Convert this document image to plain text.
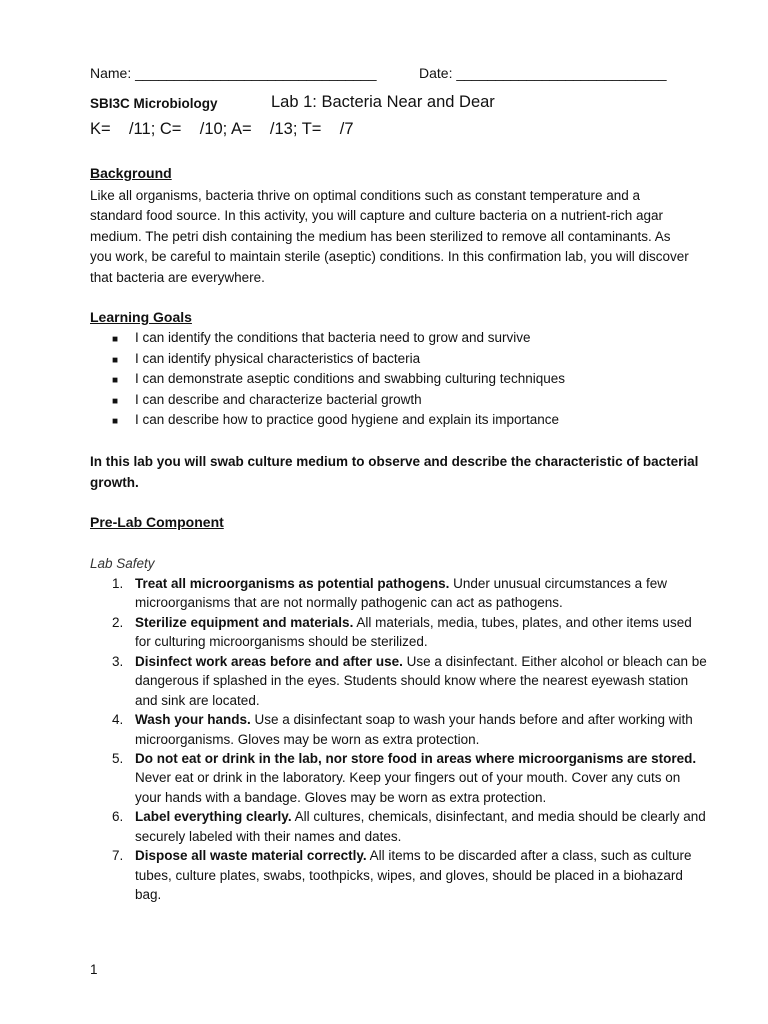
Name: _______________________________	Date: ___________________________
SBI3C Microbiology	Lab 1: Bacteria Near and Dear
K=    /11; C=    /10; A=    /13; T=    /7
Background

Like all organisms, bacteria thrive on optimal conditions such as constant temperature and a standard food source. In this activity, you will capture and culture bacteria on a nutrient-rich agar medium. The petri dish containing the medium has been sterilized to remove all contaminants. As you work, be careful to maintain sterile (aseptic) conditions. In this confirmation lab, you will discover that bacteria are everywhere.

Learning Goals
■ I can identify the conditions that bacteria need to grow and survive
■ I can identify physical characteristics of bacteria
■ I can demonstrate aseptic conditions and swabbing culturing techniques
■ I can describe and characterize bacterial growth
■ I can describe how to practice good hygiene and explain its importance

In this lab you will swab culture medium to observe and describe the characteristic of bacterial growth.

Pre-Lab Component
Lab Safety
1. Treat all microorganisms as potential pathogens. Under unusual circumstances a few microorganisms that are not normally pathogenic can act as pathogens.
2. Sterilize equipment and materials. All materials, media, tubes, plates, and other items used for culturing microorganisms should be sterilized.
3. Disinfect work areas before and after use. Use a disinfectant. Either alcohol or bleach can be dangerous if splashed in the eyes. Students should know where the nearest eyewash station and sink are located.
4. Wash your hands. Use a disinfectant soap to wash your hands before and after working with microorganisms. Gloves may be worn as extra protection.
5. Do not eat or drink in the lab, nor store food in areas where microorganisms are stored. Never eat or drink in the laboratory. Keep your fingers out of your mouth. Cover any cuts on your hands with a bandage. Gloves may be worn as extra protection.
6. Label everything clearly. All cultures, chemicals, disinfectant, and media should be clearly and securely labeled with their names and dates.
7. Dispose all waste material correctly. All items to be discarded after a class, such as culture tubes, culture plates, swabs, toothpicks, wipes, and gloves, should be placed in a biohazard bag.
1
